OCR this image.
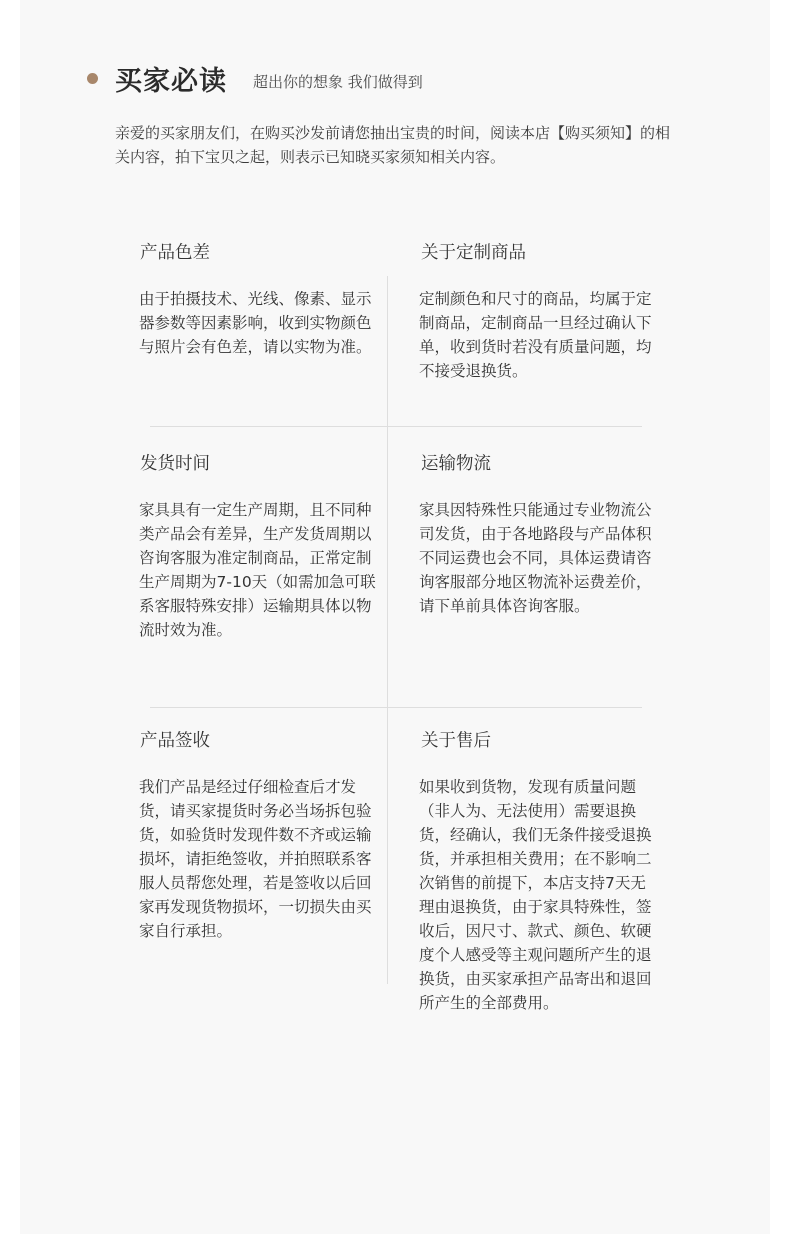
买家必读 超出你的想象 我们做得到
亲爱的买家朋友们，在购买沙发前请您抽出宝贵的时间，阅读本店【购买须知】的相关内容，拍下宝贝之起，则表示已知晓买家须知相关内容。
产品色差
由于拍摄技术、光线、像素、显示器参数等因素影响，收到实物颜色与照片会有色差，请以实物为准。
关于定制商品
定制颜色和尺寸的商品，均属于定制商品，定制商品一旦经过确认下单，收到货时若没有质量问题，均不接受退换货。
发货时间
家具具有一定生产周期，且不同种类产品会有差异，生产发货周期以咨询客服为准定制商品，正常定制生产周期为7-10天（如需加急可联系客服特殊安排）运输期具体以物流时效为准。
运输物流
家具因特殊性只能通过专业物流公司发货，由于各地路段与产品体积不同运费也会不同，具体运费请咨询客服部分地区物流补运费差价，请下单前具体咨询客服。
产品签收
我们产品是经过仔细检查后才发货，请买家提货时务必当场拆包验货，如验货时发现件数不齐或运输损坏，请拒绝签收，并拍照联系客服人员帮您处理，若是签收以后回家再发现货物损坏，一切损失由买家自行承担。
关于售后
如果收到货物，发现有质量问题（非人为、无法使用）需要退换货，经确认，我们无条件接受退换货，并承担相关费用；在不影响二次销售的前提下，本店支持7天无理由退换货，由于家具特殊性，签收后，因尺寸、款式、颜色、软硬度个人感受等主观问题所产生的退换货，由买家承担产品寄出和退回所产生的全部费用。
